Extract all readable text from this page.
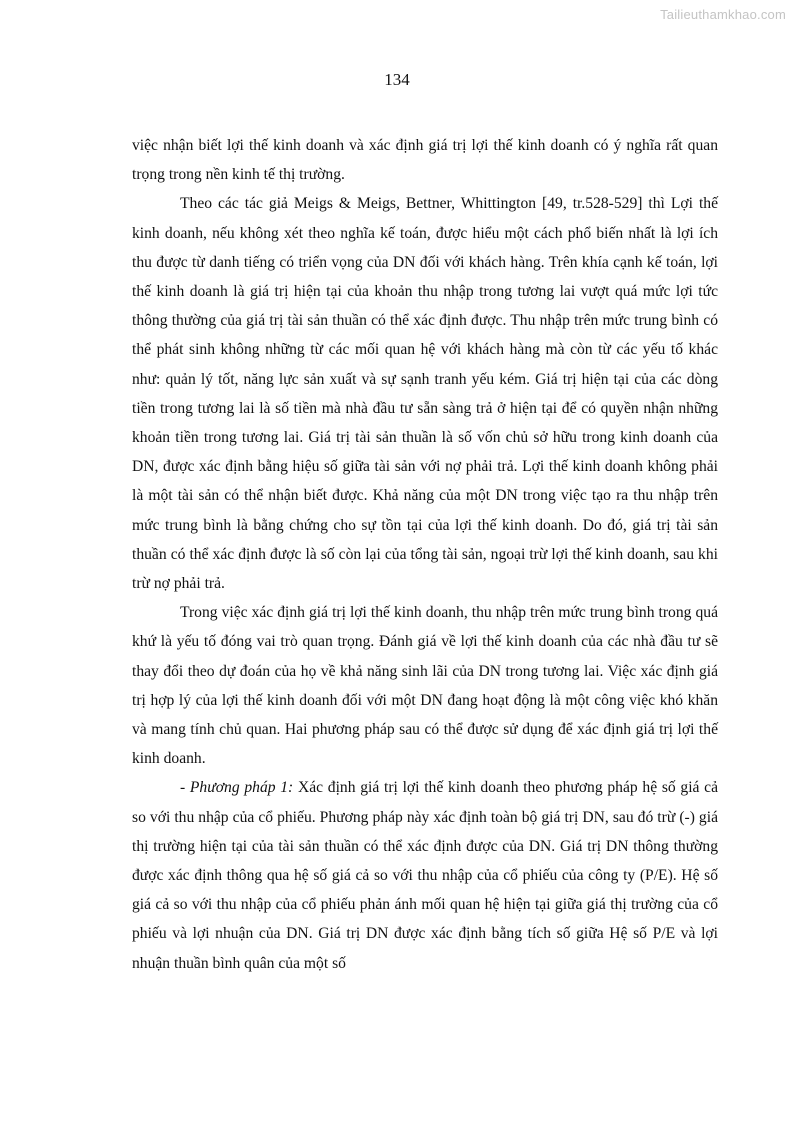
Tailieuthamkhao.com
134

việc nhận biết lợi thế kinh doanh và xác định giá trị lợi thế kinh doanh có ý nghĩa rất quan trọng trong nền kinh tế thị trường.

Theo các tác giả Meigs & Meigs, Bettner, Whittington [49, tr.528-529] thì Lợi thế kinh doanh, nếu không xét theo nghĩa kế toán, được hiểu một cách phổ biến nhất là lợi ích thu được từ danh tiếng có triển vọng của DN đối với khách hàng. Trên khía cạnh kế toán, lợi thế kinh doanh là giá trị hiện tại của khoản thu nhập trong tương lai vượt quá mức lợi tức thông thường của giá trị tài sản thuần có thể xác định được. Thu nhập trên mức trung bình có thể phát sinh không những từ các mối quan hệ với khách hàng mà còn từ các yếu tố khác như: quản lý tốt, năng lực sản xuất và sự sạnh tranh yếu kém. Giá trị hiện tại của các dòng tiền trong tương lai là số tiền mà nhà đầu tư sẵn sàng trả ở hiện tại để có quyền nhận những khoản tiền trong tương lai. Giá trị tài sản thuần là số vốn chủ sở hữu trong kinh doanh của DN, được xác định bằng hiệu số giữa tài sản với nợ phải trả. Lợi thế kinh doanh không phải là một tài sản có thể nhận biết được. Khả năng của một DN trong việc tạo ra thu nhập trên mức trung bình là bằng chứng cho sự tồn tại của lợi thế kinh doanh. Do đó, giá trị tài sản thuần có thể xác định được là số còn lại của tổng tài sản, ngoại trừ lợi thế kinh doanh, sau khi trừ nợ phải trả.

Trong việc xác định giá trị lợi thế kinh doanh, thu nhập trên mức trung bình trong quá khứ là yếu tố đóng vai trò quan trọng. Đánh giá về lợi thế kinh doanh của các nhà đầu tư sẽ thay đổi theo dự đoán của họ về khả năng sinh lãi của DN trong tương lai. Việc xác định giá trị hợp lý của lợi thế kinh doanh đối với một DN đang hoạt động là một công việc khó khăn và mang tính chủ quan. Hai phương pháp sau có thể được sử dụng để xác định giá trị lợi thế kinh doanh.

- Phương pháp 1: Xác định giá trị lợi thế kinh doanh theo phương pháp hệ số giá cả so với thu nhập của cổ phiếu. Phương pháp này xác định toàn bộ giá trị DN, sau đó trừ (-) giá thị trường hiện tại của tài sản thuần có thể xác định được của DN. Giá trị DN thông thường được xác định thông qua hệ số giá cả so với thu nhập của cổ phiếu của công ty (P/E). Hệ số giá cả so với thu nhập của cổ phiếu phản ánh mối quan hệ hiện tại giữa giá thị trường của cổ phiếu và lợi nhuận của DN. Giá trị DN được xác định bằng tích số giữa Hệ số P/E và lợi nhuận thuần bình quân của một số
